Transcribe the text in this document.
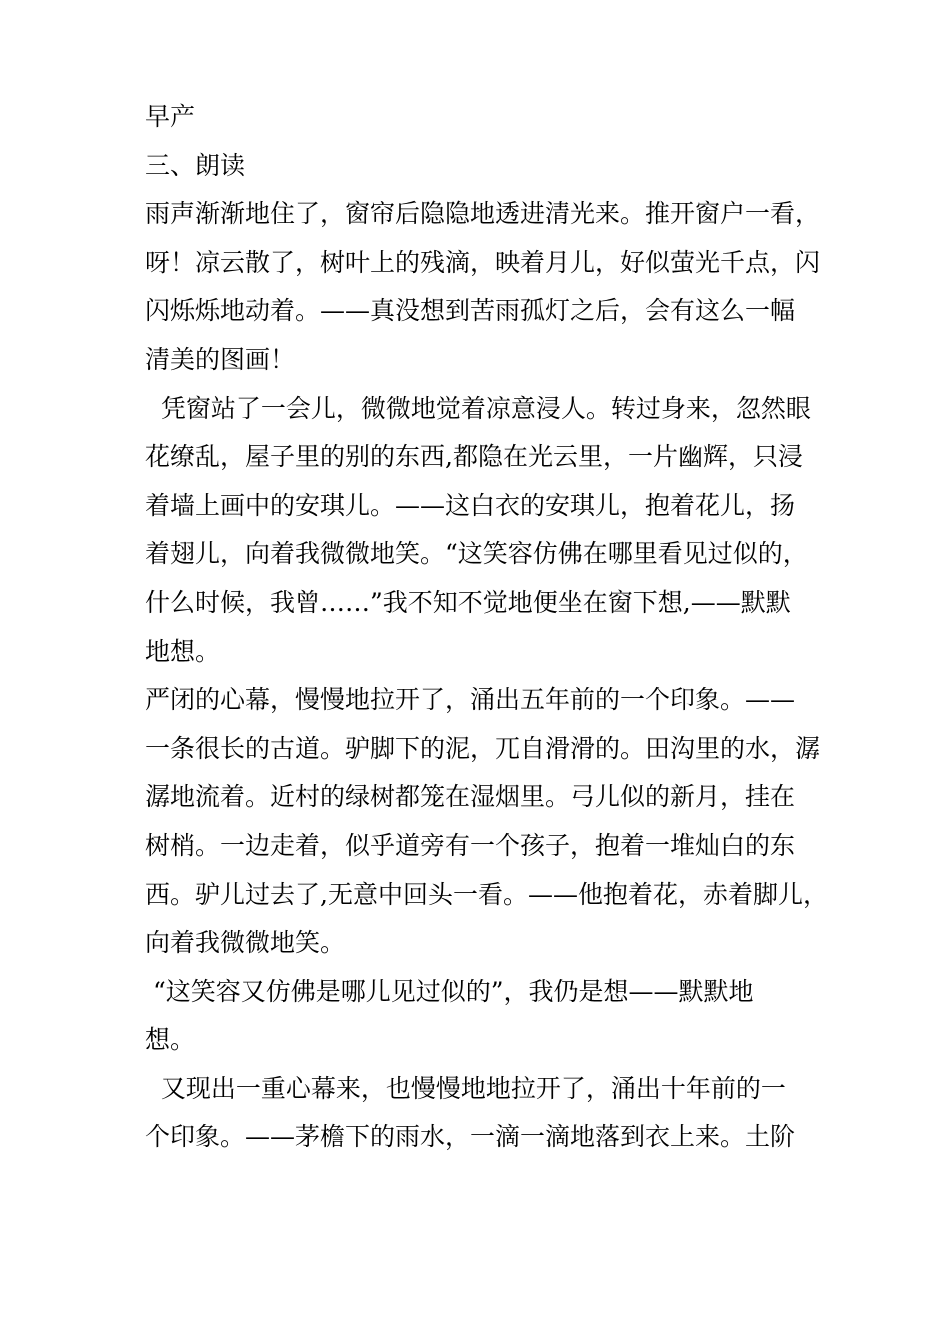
早产
三、朗读
雨声渐渐地住了，窗帘后隐隐地透进清光来。推开窗户一看，
呀！凉云散了，树叶上的残滴，映着月儿，好似萤光千点，闪
闪烁烁地动着。——真没想到苦雨孤灯之后，会有这么一幅
清美的图画！
凭窗站了一会儿，微微地觉着凉意浸人。转过身来，忽然眼
花缭乱，屋子里的别的东西,都隐在光云里，一片幽辉，只浸
着墙上画中的安琪儿。——这白衣的安琪儿，抱着花儿，扬
着翅儿，向着我微微地笑。“这笑容仿佛在哪里看见过似的，
什么时候，我曾……”我不知不觉地便坐在窗下想,——默默
地想。
严闭的心幕，慢慢地拉开了，涌出五年前的一个印象。——
一条很长的古道。驴脚下的泥，兀自滑滑的。田沟里的水，潺
潺地流着。近村的绿树都笼在湿烟里。弓儿似的新月，挂在
树梢。一边走着，似乎道旁有一个孩子，抱着一堆灿白的东
西。驴儿过去了,无意中回头一看。——他抱着花，赤着脚儿，
向着我微微地笑。
“这笑容又仿佛是哪儿见过似的”，我仍是想——默默地
想。
又现出一重心幕来，也慢慢地地拉开了，涌出十年前的一
个印象。——茅檐下的雨水，一滴一滴地落到衣上来。土阶
